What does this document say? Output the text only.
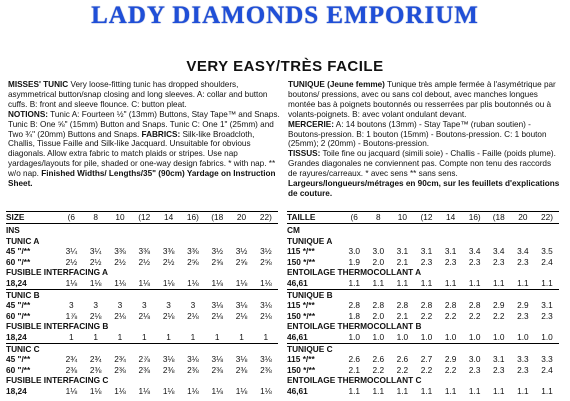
LADY DIAMONDS EMPORIUM
VERY EASY/TRÈS FACILE

MISSES' TUNIC Very loose-fitting tunic has dropped shoulders, asymmetrical button/snap closing and long sleeves. A: collar and button cuffs. B: front and sleeve flounce. C: button pleat.

NOTIONS: Tunic A: Fourteen ½" (13mm) Buttons, Stay Tape™ and Snaps. Tunic B: One ⅝" (15mm) Button and Snaps. Tunic C: One 1" (25mm) and Two ¾" (20mm) Buttons and Snaps. FABRICS: Silk-like Broadcloth, Challis, Tissue Faille and Silk-like Jacquard. Unsuitable for obvious diagonals. Allow extra fabric to match plaids or stripes. Use nap yardages/layouts for pile, shaded or one-way design fabrics. * with nap. ** w/o nap. Finished Widths/ Lengths/35" (90cm) Yardage on Instruction Sheet.

TUNIQUE (Jeune femme) Tunique très ample fermée à l'asymétrique par boutons/ pressions, avec ou sans col debout, avec manches longues montée bas à poignets boutonnés ou resserrées par plis boutonnés ou à volants-poignets. B: avec volant ondulant devant.

MERCERIE: A: 14 boutons (13mm) - Stay Tape™ (ruban soutien) - Boutons-pression. B: 1 bouton (15mm) - Boutons-pression. C: 1 bouton (25mm); 2 (20mm) - Boutons-pression.

TISSUS: Toile fine ou jacquard (simili soie) - Challis - Faille (poids plume). Grandes diagonales ne conviennent pas. Compte non tenu des raccords de rayures/carreaux. * avec sens ** sans sens. Largeurs/longueurs/métrages en 90cm, sur les feuillets d'explications de couture.

SIZE	(6	8	10	(12	14	16)	(18	20	22)
INS
TUNIC A
45 "/**	3¼	3¼	3⅜	3⅜	3⅜	3⅜	3½	3½	3½
60 "/**	2½	2½	2½	2½	2½	2⅝	2⅝	2⅝	2⅝
FUSIBLE INTERFACING A
18,24	1⅛	1⅛	1⅛	1⅛	1⅛	1⅛	1⅛	1⅛	1⅛
TUNIC B
45 "/**	3	3	3	3	3	3	3⅛	3⅛	3⅛
60 "/**	1⅞	2⅛	2⅛	2⅛	2⅛	2⅛	2⅛	2⅛	2⅛
FUSIBLE INTERFACING B
18,24	1	1	1	1	1	1	1	1	1
TUNIC C
45 "/**	2¾	2¾	2¾	2⅞	3⅛	3⅛	3⅛	3⅛	3⅛
60 "/**	2⅜	2⅜	2⅜	2⅜	2⅜	2⅜	2⅜	2⅜	2⅜
FUSIBLE INTERFACING C
18,24	1⅛	1⅛	1⅛	1⅛	1⅛	1⅛	1⅛	1⅛	1⅛
TAILLE	(6	8	10	(12	14	16)	(18	20	22)
CM
TUNIQUE A
115 */**	3.0	3.0	3.1	3.1	3.1	3.4	3.4	3.4	3.5
150 */**	1.9	2.0	2.1	2.3	2.3	2.3	2.3	2.3	2.4
ENTOILAGE THERMOCOLLANT A
46,61	1.1	1.1	1.1	1.1	1.1	1.1	1.1	1.1	1.1
TUNIQUE B
115 */**	2.8	2.8	2.8	2.8	2.8	2.8	2.9	2.9	3.1
150 */**	1.8	2.0	2.1	2.2	2.2	2.2	2.2	2.3	2.3
ENTOILAGE THERMOCOLLANT B
46,61	1.0	1.0	1.0	1.0	1.0	1.0	1.0	1.0	1.0
TUNIQUE C
115 */**	2.6	2.6	2.6	2.7	2.9	3.0	3.1	3.3	3.3
150 */**	2.1	2.2	2.2	2.2	2.2	2.3	2.3	2.3	2.4
ENTOILAGE THERMOCOLLANT C
46,61	1.1	1.1	1.1	1.1	1.1	1.1	1.1	1.1	1.1
